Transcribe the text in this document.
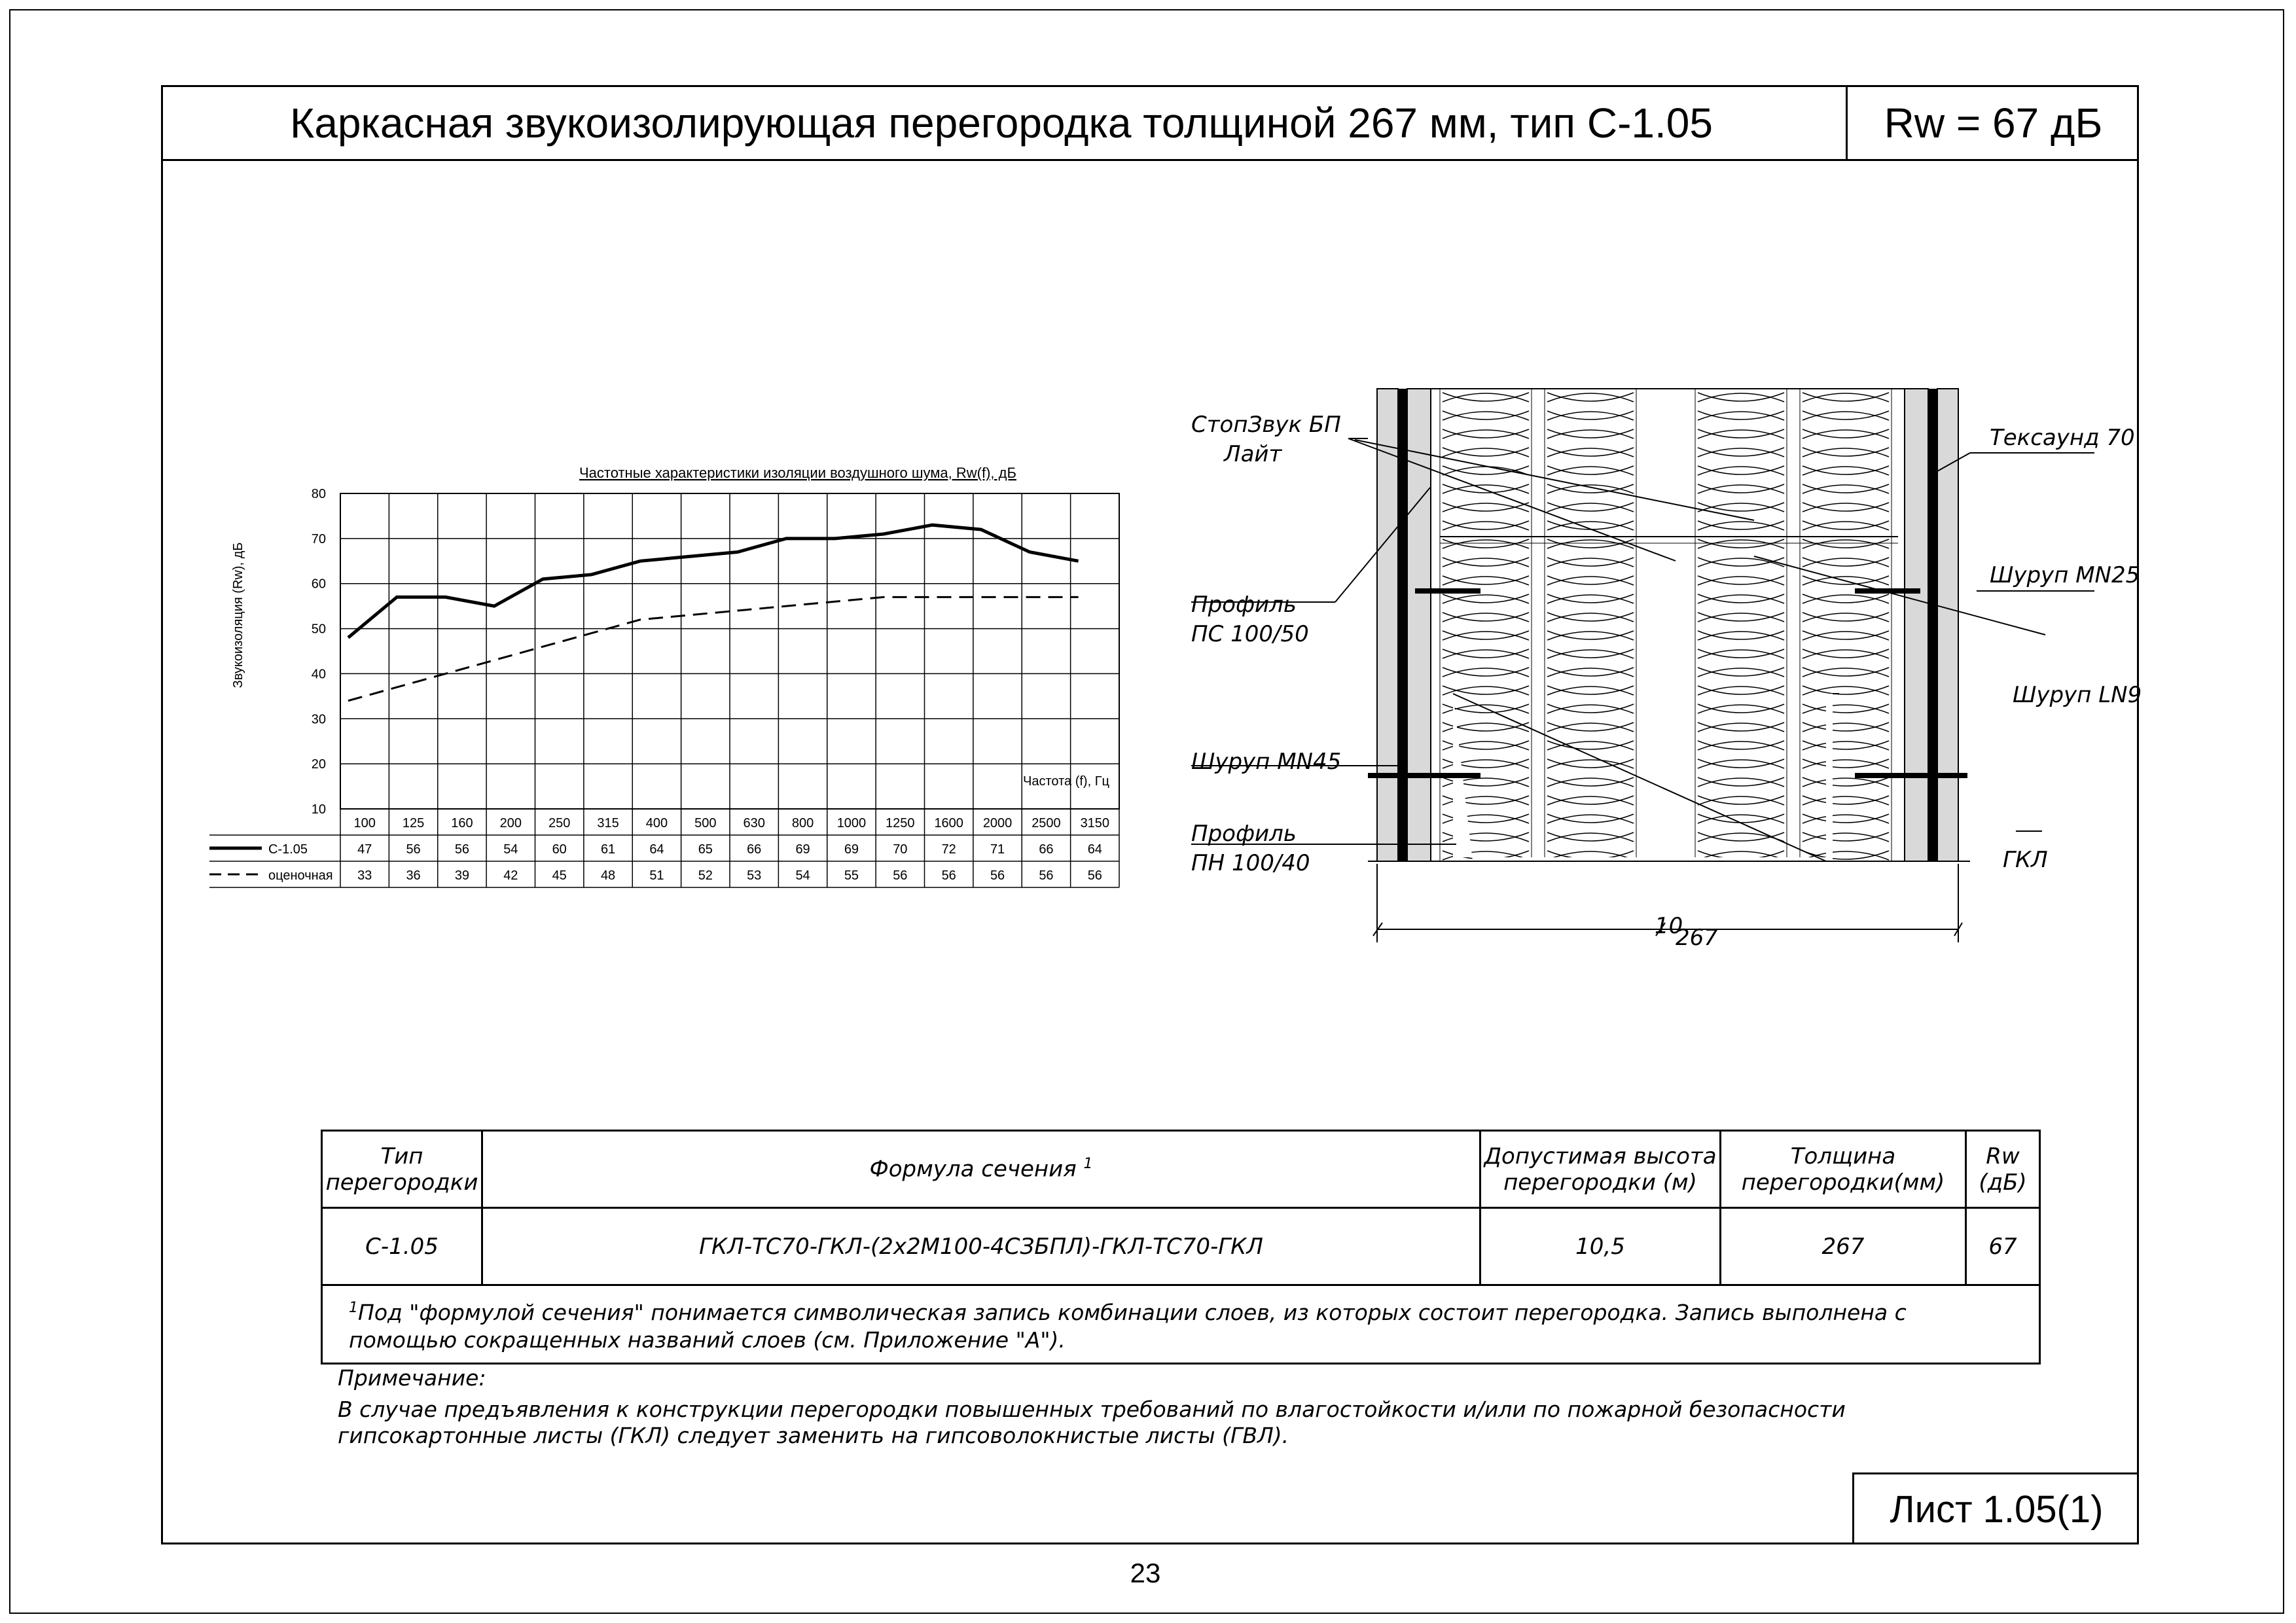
Каркасная звукоизолирующая перегородка толщиной 267 мм, тип С-1.05	Rw = 67 дБ
Частотные характеристики изоляции воздушного шума, Rw(f), дБ
Звукоизоляция (Rw), дБ
10
20
30
40
50
60
70
80
Частота (f), Гц
100 125 160 200 250 315 400 500 630 800 1000 1250 1600 2000 2500 3150
С-1.05	47	56	56	54	60	61	64	65	66	69	69	70	72	71	66	64
оценочная 33	36	39	42	45	48	51	52	53	54	55	56	56	56	56	56
267
10
СтопЗвук БП
Лайт
Профиль
ПС 100/50
Шуруп MN45
Профиль
ПН 100/40
Тексаунд 70
Шуруп MN25
Шуруп LN9
ГКЛ
Тип перегородки	Формула сечения $^1$	Допустимая высота перегородки (м)	Толщина перегородки(мм)	Rw (дБ)
С-1.05	ГКЛ-ТС70-ГКЛ-(2х2М100-4СЗБПЛ)-ГКЛ-ТС70-ГКЛ	10,5	267	67
$^1$Под "формулой сечения" понимается символическая запись комбинации слоев, из которых состоит перегородка. Запись выполнена с помощью сокращенных названий слоев (см. Приложение "А").				
Примечание:
В случае предъявления к конструкции перегородки повышенных требований по влагостойкости и/или по пожарной безопасности гипсокартонные листы (ГКЛ) следует заменить на гипсоволокнистые листы (ГВЛ).
Лист 1.05(1)
23
